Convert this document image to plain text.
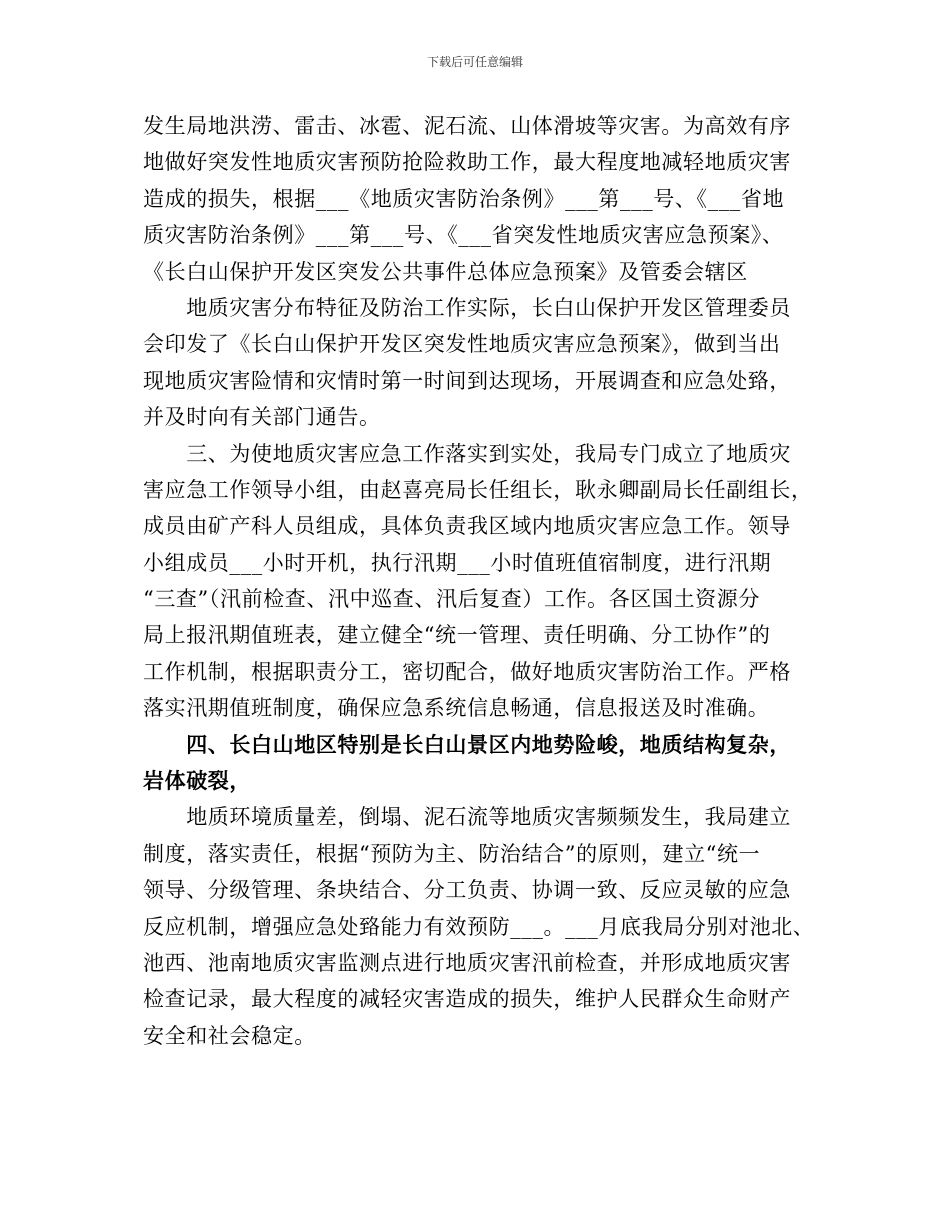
下载后可任意编辑
发生局地洪涝、雷击、冰雹、泥石流、山体滑坡等灾害。为高效有序
地做好突发性地质灾害预防抢险救助工作，最大程度地减轻地质灾害
造成的损失，根据___《地质灾害防治条例》___第___号、《___省地
质灾害防治条例》___第___号、《___省突发性地质灾害应急预案》、
《长白山保护开发区突发公共事件总体应急预案》及管委会辖区
　　地质灾害分布特征及防治工作实际，长白山保护开发区管理委员
会印发了《长白山保护开发区突发性地质灾害应急预案》，做到当出
现地质灾害险情和灾情时第一时间到达现场，开展调查和应急处臵，
并及时向有关部门通告。
　　三、为使地质灾害应急工作落实到实处，我局专门成立了地质灾
害应急工作领导小组，由赵喜亮局长任组长，耿永卿副局长任副组长，
成员由矿产科人员组成，具体负责我区域内地质灾害应急工作。领导
小组成员___小时开机，执行汛期___小时值班值宿制度，进行汛期
“三查”（汛前检查、汛中巡查、汛后复查）工作。各区国土资源分
局上报汛期值班表，建立健全“统一管理、责任明确、分工协作”的
工作机制，根据职责分工，密切配合，做好地质灾害防治工作。严格
落实汛期值班制度，确保应急系统信息畅通，信息报送及时准确。
　　四、长白山地区特别是长白山景区内地势险峻，地质结构复杂，
岩体破裂，
　　地质环境质量差，倒塌、泥石流等地质灾害频频发生，我局建立
制度，落实责任，根据“预防为主、防治结合”的原则，建立“统一
领导、分级管理、条块结合、分工负责、协调一致、反应灵敏的应急
反应机制，增强应急处臵能力有效预防___。___月底我局分别对池北、
池西、池南地质灾害监测点进行地质灾害汛前检查，并形成地质灾害
检查记录，最大程度的减轻灾害造成的损失，维护人民群众生命财产
安全和社会稳定。
